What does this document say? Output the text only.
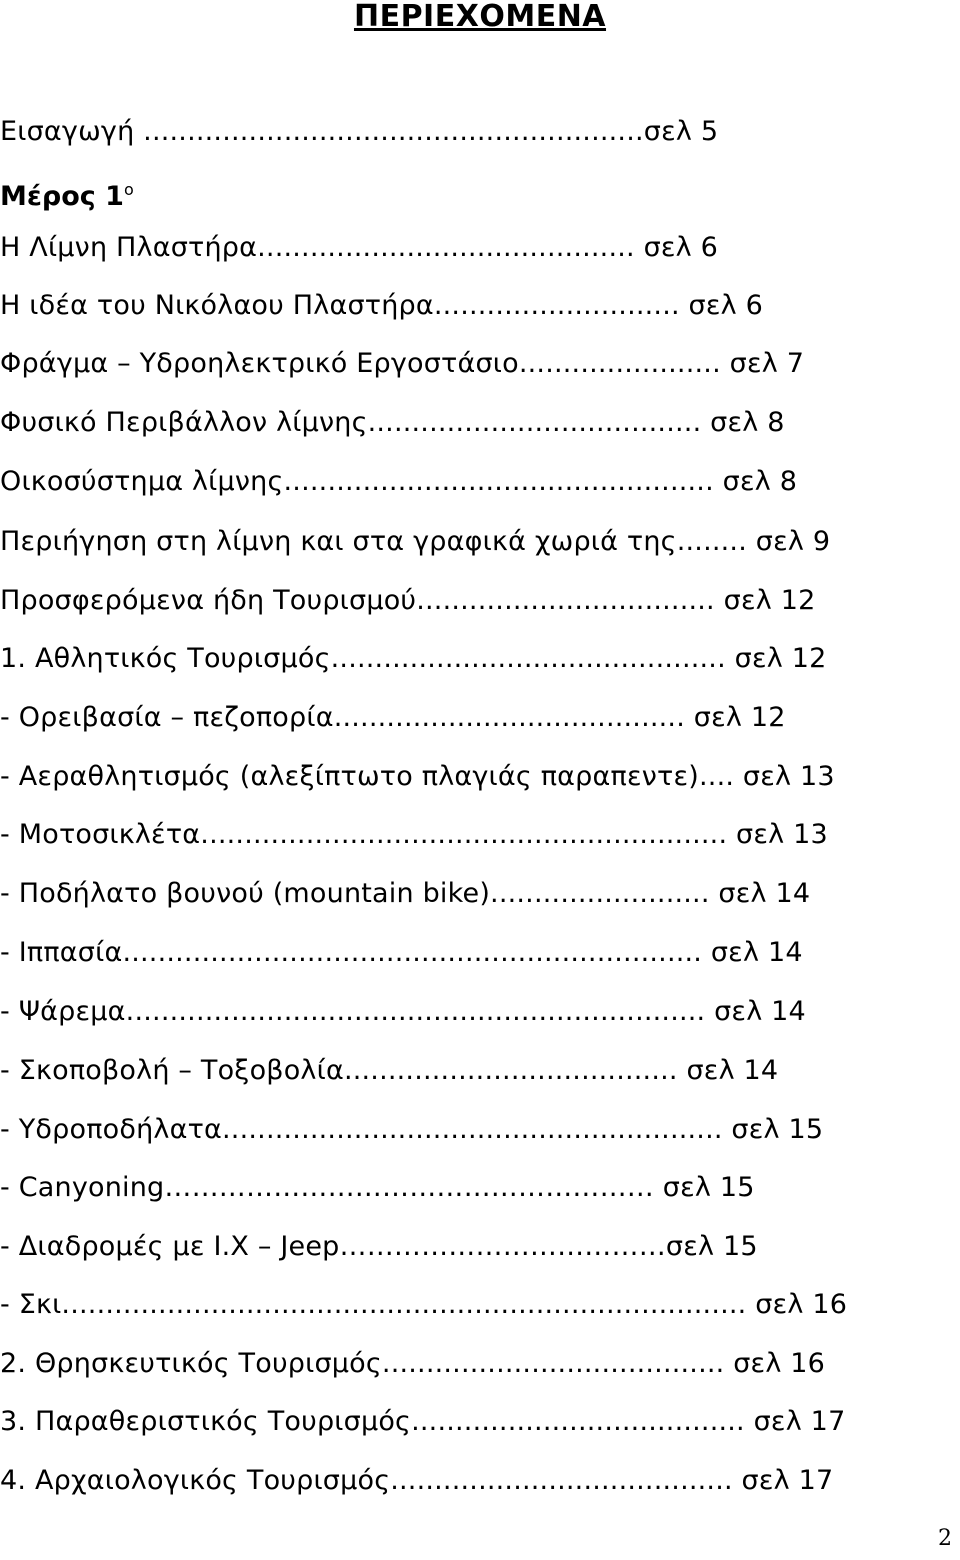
ΠΕΡΙΕΧΟΜΕΝΑ
Εισαγωγή .........................................................σελ 5
Μέρος $1^o$
Η Λίμνη Πλαστήρα........................................... σελ 6
Η ιδέα του Νικόλαου Πλαστήρα............................ σελ 6
Φράγμα – Υδροηλεκτρικό Εργοστάσιο....................... σελ 7
Φυσικό Περιβάλλον λίμνης...................................... σελ 8
Οικοσύστημα λίμνης................................................. σελ 8
Περιήγηση στη λίμνη και στα γραφικά χωριά της........ σελ 9
Προσφερόμενα ήδη Τουρισμού.................................. σελ 12
1. Αθλητικός Τουρισμός............................................. σελ 12
- Ορειβασία – πεζοπορία........................................ σελ 12
- Αεραθλητισμός (αλεξίπτωτο πλαγιάς παραπεντε).... σελ 13
- Μοτοσικλέτα............................................................ σελ 13
- Ποδήλατο βουνού (mountain bike)......................... σελ 14
- Ιππασία.................................................................. σελ 14
- Ψάρεμα.................................................................. σελ 14
- Σκοποβολή – Τοξοβολία...................................... σελ 14
- Υδροποδήλατα......................................................... σελ 15
- Canyoning……………………………………………… σελ 15
- Διαδρομές με Ι.Χ – Jeep………………………………σελ 15
- Σκι.............................................................................. σελ 16
2. Θρησκευτικός Τουρισμός....................................... σελ 16
3. Παραθεριστικός Τουρισμός...................................... σελ 17
4. Αρχαιολογικός Τουρισμός....................................... σελ 17
2
